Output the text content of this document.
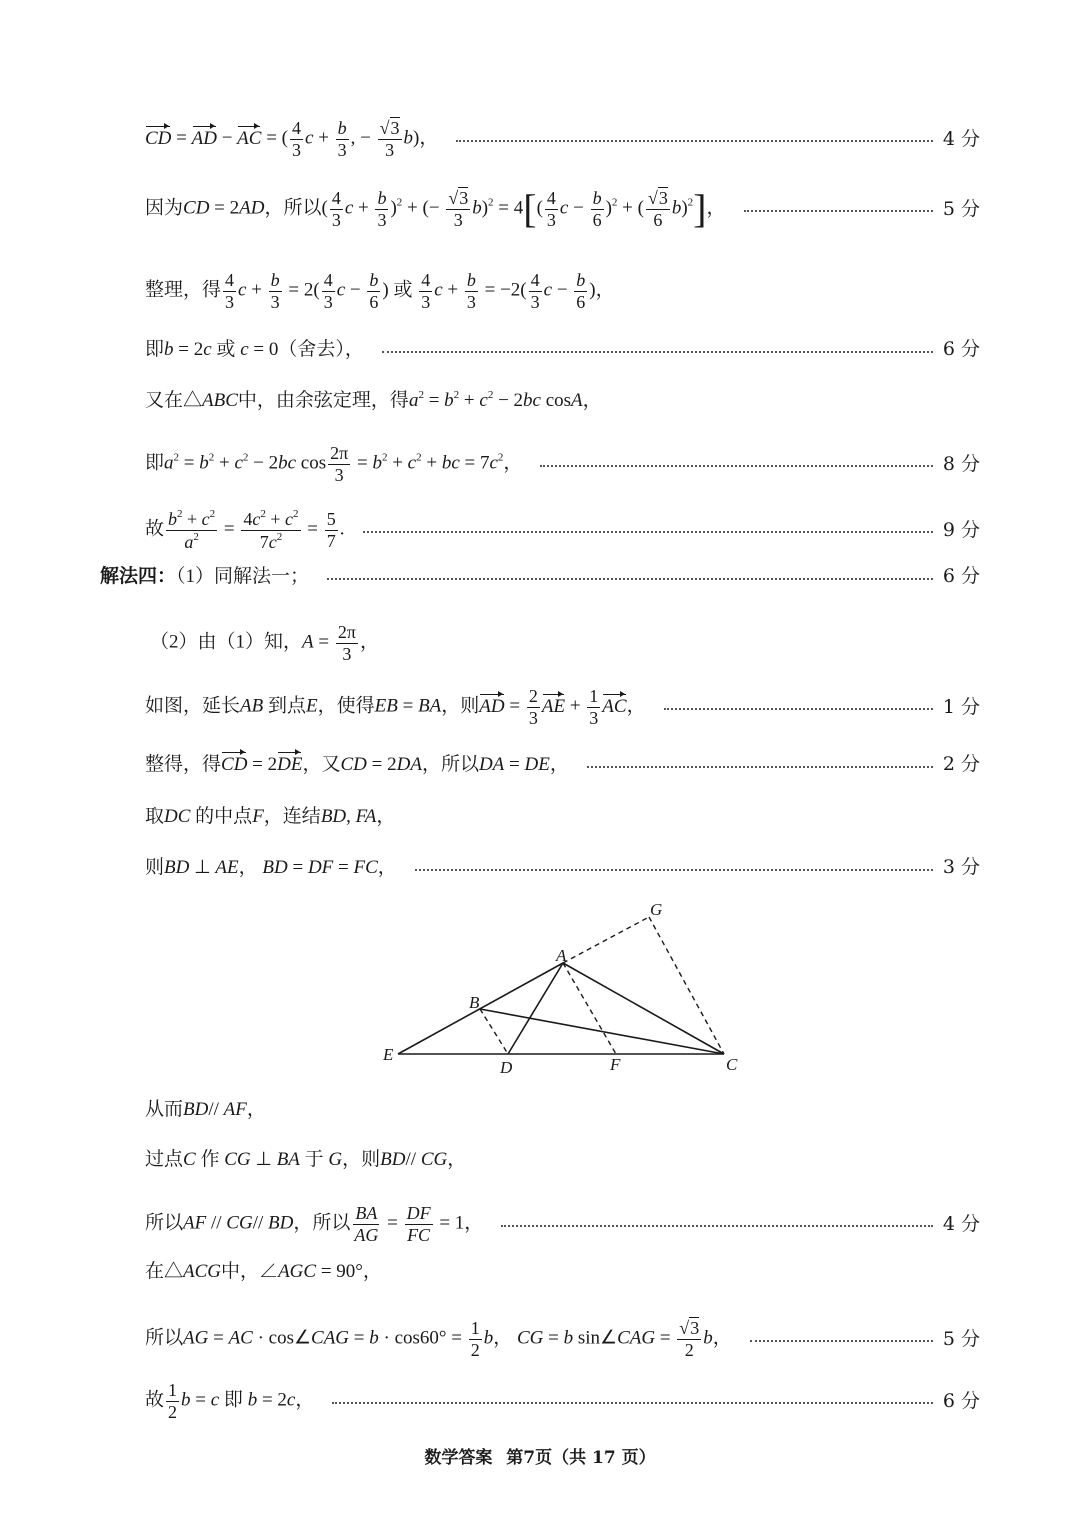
CD = AD − AC = ( $\frac{4}{3}$ $c + \frac{b}{3}$ , − $\frac{√3}{3} b$)，	4 分
因为CD = 2AD，所以( $\frac{4}{3}$ $c + \frac{b}{3} )^2$ + (− $\frac{√3}{3} b)^2 = 4[( \frac{4}{3}$ $c - \frac{b}{6} )^2$ + ( $\frac{√3}{6} b)^2$]，	5 分
整理，得 $\frac{4}{3}$ $c + \frac{b}{3} = 2( \frac{4}{3}$ $c - \frac{b}{6}$ ) 或 $\frac{4}{3}$ $c + \frac{b}{3} = -2( \frac{4}{3}$ $c - \frac{b}{6}$ )，
即b = 2c 或 c = 0（舍去），	6 分
又在△ABC中，由余弦定理，得$a^2 = b^2 + c^2 - 2bc$ cosA，
即$a^2 = b^2 + c^2 - 2bc$ $\cos \frac{2\pi}{3} = b^2 + c^2$ + bc = $7c^2$，	8 分
故 $\frac{b^2 + c^2}{a^2} = \frac{4c^2 + c^2}{7c^2} = \frac{5}{7}$ .	9 分
解法四：（1）同解法一；	6 分
（2）由（1）知，$A = \frac{2\pi}{3}$ ，
如图，延长AB 到点E，使得EB = BA，则AD = $\frac{2}{3}$ AE + $\frac{1}{3}$ AC，	1 分
整得，得CD = 2DE，又CD = 2DA，所以DA = DE，	2 分
取DC 的中点F，连结BD, FA，
则BD ⊥ AE， BD = DF = FC，	3 分
G
A
B
E
D	F	C
从而BD// AF，
过点C 作 CG ⊥ BA 于 G，则BD// CG，
所以AF // CG// BD，所以 $\frac{BA}{AG} = \frac{DF}{FC} = 1$，	4 分
在△ACG中，∠AGC = 90°，
所以AG = AC · cos∠CAG = $b \cdot \cos 60^\circ = \frac{1}{2}$ b， CG = b sin∠CAG = $\frac{√3}{2}$ b，	5 分
故 $\frac{1}{2}$ b = c 即 b = 2c，	6 分
数学答案 第7页（共 17 页）
